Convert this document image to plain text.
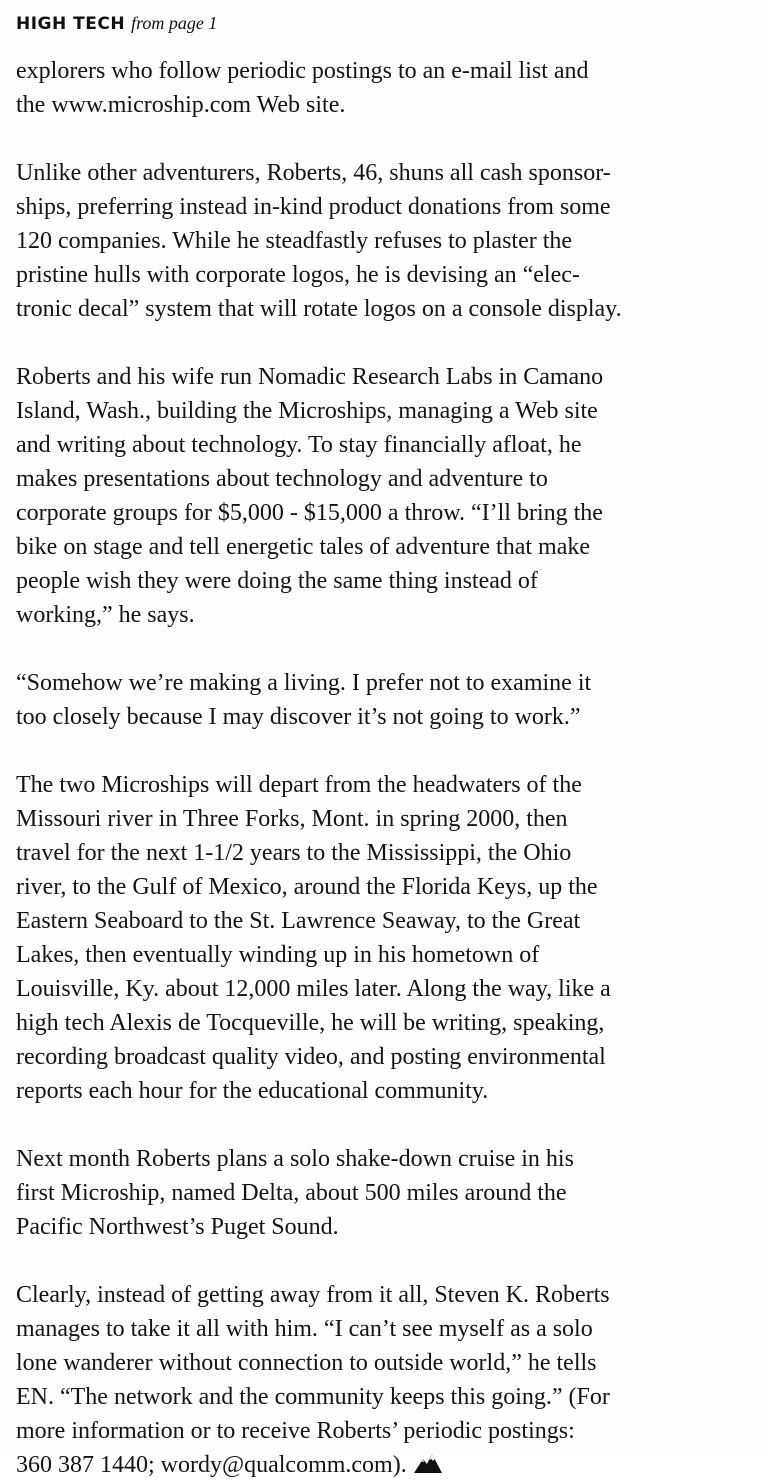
HIGH TECH from page 1
explorers who follow periodic postings to an e-mail list and
the www.microship.com Web site.
Unlike other adventurers, Roberts, 46, shuns all cash sponsor-
ships, preferring instead in-kind product donations from some
120 companies. While he steadfastly refuses to plaster the
pristine hulls with corporate logos, he is devising an “elec-
tronic decal” system that will rotate logos on a console display.
Roberts and his wife run Nomadic Research Labs in Camano
Island, Wash., building the Microships, managing a Web site
and writing about technology. To stay financially afloat, he
makes presentations about technology and adventure to
corporate groups for $5,000 - $15,000 a throw. “I’ll bring the
bike on stage and tell energetic tales of adventure that make
people wish they were doing the same thing instead of
working,” he says.
“Somehow we’re making a living. I prefer not to examine it
too closely because I may discover it’s not going to work.”
The two Microships will depart from the headwaters of the
Missouri river in Three Forks, Mont. in spring 2000, then
travel for the next 1-1/2 years to the Mississippi, the Ohio
river, to the Gulf of Mexico, around the Florida Keys, up the
Eastern Seaboard to the St. Lawrence Seaway, to the Great
Lakes, then eventually winding up in his hometown of
Louisville, Ky. about 12,000 miles later. Along the way, like a
high tech Alexis de Tocqueville, he will be writing, speaking,
recording broadcast quality video, and posting environmental
reports each hour for the educational community.
Next month Roberts plans a solo shake-down cruise in his
first Microship, named Delta, about 500 miles around the
Pacific Northwest’s Puget Sound.
Clearly, instead of getting away from it all, Steven K. Roberts
manages to take it all with him. “I can’t see myself as a solo
lone wanderer without connection to outside world,” he tells
EN. “The network and the community keeps this going.” (For
more information or to receive Roberts’ periodic postings:
360 387 1440; wordy@qualcomm.com).
